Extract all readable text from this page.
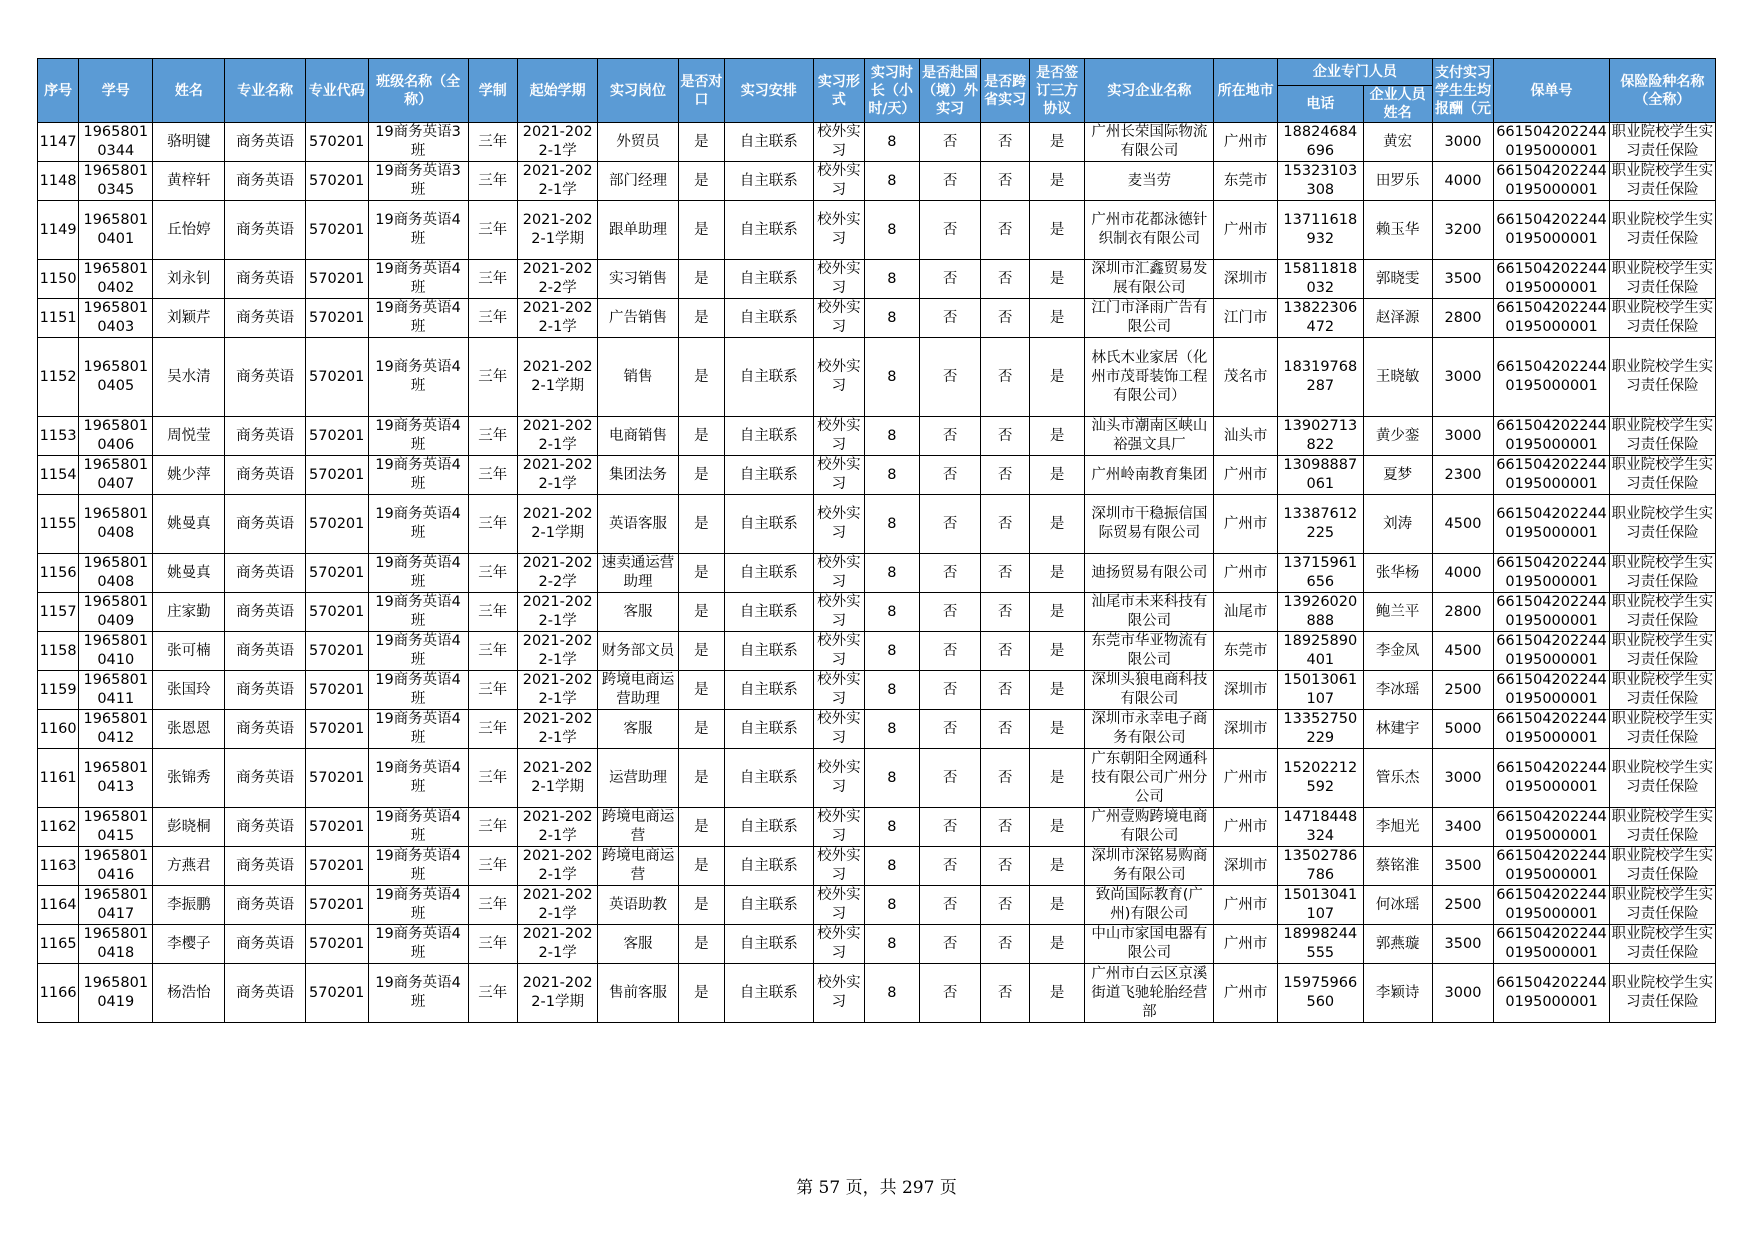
序号	学号	姓名	专业名称	专业代码	班级名称（全称）	学制	起始学期	实习岗位	是否对口	实习安排	实习形式	实习时长（小时/天）	是否赴国（境）外实习	是否跨省实习	是否签订三方协议	实习企业名称	所在地市	企业专门人员		支付实习学生生均报酬（元	保单号	保险险种名称（全称）
																		电话	企业人员姓名			

1147	19658010344	骆明键	商务英语	570201	19商务英语3班	三年	2021-2022-1学	外贸员	是	自主联系	校外实习	8	否	否	是	广州长荣国际物流有限公司	广州市	18824684696	黄宏	3000	6615042022440195000001	职业院校学生实习责任保险

1148	19658010345	黄梓轩	商务英语	570201	19商务英语3班	三年	2021-2022-1学	部门经理	是	自主联系	校外实习	8	否	否	是	麦当劳	东莞市	15323103308	田罗乐	4000	6615042022440195000001	职业院校学生实习责任保险

1149	19658010401	丘怡婷	商务英语	570201	19商务英语4班	三年	2021-2022-1学期	跟单助理	是	自主联系	校外实习	8	否	否	是	广州市花都泳德针织制衣有限公司	广州市	13711618932	赖玉华	3200	6615042022440195000001	职业院校学生实习责任保险

1150	19658010402	刘永钊	商务英语	570201	19商务英语4班	三年	2021-2022-2学	实习销售	是	自主联系	校外实习	8	否	否	是	深圳市汇鑫贸易发展有限公司	深圳市	15811818032	郭晓雯	3500	6615042022440195000001	职业院校学生实习责任保险

1151	19658010403	刘颖芹	商务英语	570201	19商务英语4班	三年	2021-2022-1学	广告销售	是	自主联系	校外实习	8	否	否	是	江门市泽雨广告有限公司	江门市	13822306472	赵泽源	2800	6615042022440195000001	职业院校学生实习责任保险

1152	19658010405	吴水清	商务英语	570201	19商务英语4班	三年	2021-2022-1学期	销售	是	自主联系	校外实习	8	否	否	是	林氏木业家居（化州市茂哥装饰工程有限公司）	茂名市	18319768287	王晓敏	3000	6615042022440195000001	职业院校学生实习责任保险

1153	19658010406	周悦莹	商务英语	570201	19商务英语4班	三年	2021-2022-1学	电商销售	是	自主联系	校外实习	8	否	否	是	汕头市潮南区峡山裕强文具厂	汕头市	13902713822	黄少銮	3000	6615042022440195000001	职业院校学生实习责任保险

1154	19658010407	姚少萍	商务英语	570201	19商务英语4班	三年	2021-2022-1学	集团法务	是	自主联系	校外实习	8	否	否	是	广州岭南教育集团	广州市	13098887061	夏梦	2300	6615042022440195000001	职业院校学生实习责任保险

1155	19658010408	姚曼真	商务英语	570201	19商务英语4班	三年	2021-2022-1学期	英语客服	是	自主联系	校外实习	8	否	否	是	深圳市干稳振信国际贸易有限公司	广州市	13387612225	刘涛	4500	6615042022440195000001	职业院校学生实习责任保险

1156	19658010408	姚曼真	商务英语	570201	19商务英语4班	三年	2021-2022-2学	速卖通运营助理	是	自主联系	校外实习	8	否	否	是	迪扬贸易有限公司	广州市	13715961656	张华杨	4000	6615042022440195000001	职业院校学生实习责任保险

1157	19658010409	庄家勤	商务英语	570201	19商务英语4班	三年	2021-2022-1学	客服	是	自主联系	校外实习	8	否	否	是	汕尾市未来科技有限公司	汕尾市	13926020888	鲍兰平	2800	6615042022440195000001	职业院校学生实习责任保险

1158	19658010410	张可楠	商务英语	570201	19商务英语4班	三年	2021-2022-1学	财务部文员	是	自主联系	校外实习	8	否	否	是	东莞市华亚物流有限公司	东莞市	18925890401	李金凤	4500	6615042022440195000001	职业院校学生实习责任保险

1159	19658010411	张国玲	商务英语	570201	19商务英语4班	三年	2021-2022-1学	跨境电商运营助理	是	自主联系	校外实习	8	否	否	是	深圳头狼电商科技有限公司	深圳市	15013061107	李冰瑶	2500	6615042022440195000001	职业院校学生实习责任保险

1160	19658010412	张恩恩	商务英语	570201	19商务英语4班	三年	2021-2022-1学	客服	是	自主联系	校外实习	8	否	否	是	深圳市永幸电子商务有限公司	深圳市	13352750229	林建宇	5000	6615042022440195000001	职业院校学生实习责任保险

1161	19658010413	张锦秀	商务英语	570201	19商务英语4班	三年	2021-2022-1学期	运营助理	是	自主联系	校外实习	8	否	否	是	广东朝阳全网通科技有限公司广州分公司	广州市	15202212592	管乐杰	3000	6615042022440195000001	职业院校学生实习责任保险

1162	19658010415	彭晓桐	商务英语	570201	19商务英语4班	三年	2021-2022-1学	跨境电商运营	是	自主联系	校外实习	8	否	否	是	广州壹购跨境电商有限公司	广州市	14718448324	李旭光	3400	6615042022440195000001	职业院校学生实习责任保险

1163	19658010416	方燕君	商务英语	570201	19商务英语4班	三年	2021-2022-1学	跨境电商运营	是	自主联系	校外实习	8	否	否	是	深圳市深铭易购商务有限公司	深圳市	13502786786	蔡铭淮	3500	6615042022440195000001	职业院校学生实习责任保险

1164	19658010417	李振鹏	商务英语	570201	19商务英语4班	三年	2021-2022-1学	英语助教	是	自主联系	校外实习	8	否	否	是	致尚国际教育(广州)有限公司	广州市	15013041107	何冰瑶	2500	6615042022440195000001	职业院校学生实习责任保险

1165	19658010418	李樱子	商务英语	570201	19商务英语4班	三年	2021-2022-1学	客服	是	自主联系	校外实习	8	否	否	是	中山市家国电器有限公司	广州市	18998244555	郭燕璇	3500	6615042022440195000001	职业院校学生实习责任保险

1166	19658010419	杨浩怡	商务英语	570201	19商务英语4班	三年	2021-2022-1学期	售前客服	是	自主联系	校外实习	8	否	否	是	广州市白云区京溪街道飞驰轮胎经营部	广州市	15975966560	李颖诗	3000	6615042022440195000001	职业院校学生实习责任保险
第 57 页，共 297 页
